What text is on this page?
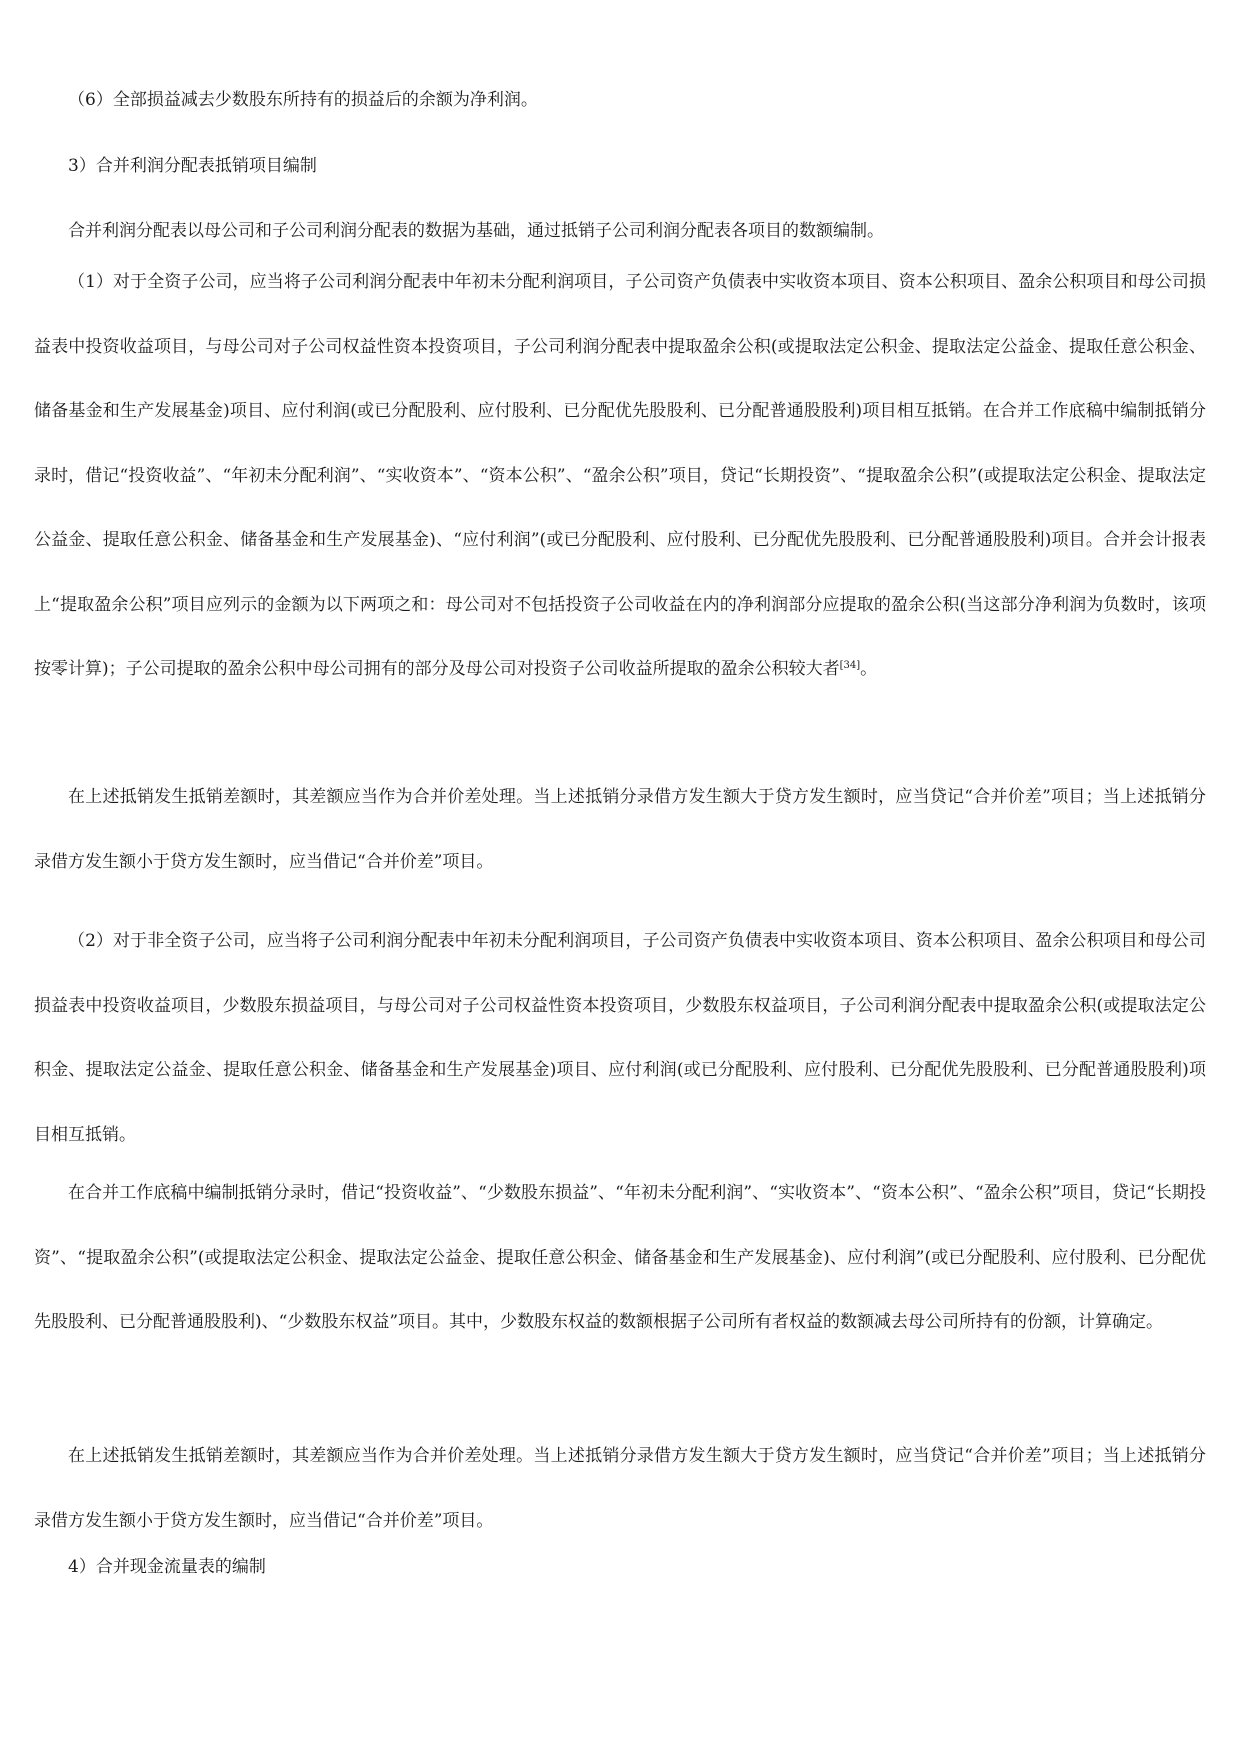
（6）全部损益减去少数股东所持有的损益后的余额为净利润。
3）合并利润分配表抵销项目编制
合并利润分配表以母公司和子公司利润分配表的数据为基础，通过抵销子公司利润分配表各项目的数额编制。
（1）对于全资子公司，应当将子公司利润分配表中年初未分配利润项目，子公司资产负债表中实收资本项目、资本公积项目、盈余公积项目和母公司损益表中投资收益项目，与母公司对子公司权益性资本投资项目，子公司利润分配表中提取盈余公积(或提取法定公积金、提取法定公益金、提取任意公积金、储备基金和生产发展基金)项目、应付利润(或已分配股利、应付股利、已分配优先股股利、已分配普通股股利)项目相互抵销。在合并工作底稿中编制抵销分录时，借记“投资收益”、“年初未分配利润”、“实收资本”、“资本公积”、“盈余公积”项目，贷记“长期投资”、“提取盈余公积”(或提取法定公积金、提取法定公益金、提取任意公积金、储备基金和生产发展基金)、“应付利润”(或已分配股利、应付股利、已分配优先股股利、已分配普通股股利)项目。合并会计报表上“提取盈余公积”项目应列示的金额为以下两项之和：母公司对不包括投资子公司收益在内的净利润部分应提取的盈余公积(当这部分净利润为负数时，该项按零计算)；子公司提取的盈余公积中母公司拥有的部分及母公司对投资子公司收益所提取的盈余公积较大者[34]。
在上述抵销发生抵销差额时，其差额应当作为合并价差处理。当上述抵销分录借方发生额大于贷方发生额时，应当贷记“合并价差”项目；当上述抵销分录借方发生额小于贷方发生额时，应当借记“合并价差”项目。
（2）对于非全资子公司，应当将子公司利润分配表中年初未分配利润项目，子公司资产负债表中实收资本项目、资本公积项目、盈余公积项目和母公司损益表中投资收益项目，少数股东损益项目，与母公司对子公司权益性资本投资项目，少数股东权益项目，子公司利润分配表中提取盈余公积(或提取法定公积金、提取法定公益金、提取任意公积金、储备基金和生产发展基金)项目、应付利润(或已分配股利、应付股利、已分配优先股股利、已分配普通股股利)项目相互抵销。
在合并工作底稿中编制抵销分录时，借记“投资收益”、“少数股东损益”、“年初未分配利润”、“实收资本”、“资本公积”、“盈余公积”项目，贷记“长期投资”、“提取盈余公积”(或提取法定公积金、提取法定公益金、提取任意公积金、储备基金和生产发展基金)、应付利润”(或已分配股利、应付股利、已分配优先股股利、已分配普通股股利)、“少数股东权益”项目。其中，少数股东权益的数额根据子公司所有者权益的数额减去母公司所持有的份额，计算确定。
在上述抵销发生抵销差额时，其差额应当作为合并价差处理。当上述抵销分录借方发生额大于贷方发生额时，应当贷记“合并价差”项目；当上述抵销分录借方发生额小于贷方发生额时，应当借记“合并价差”项目。
4）合并现金流量表的编制
